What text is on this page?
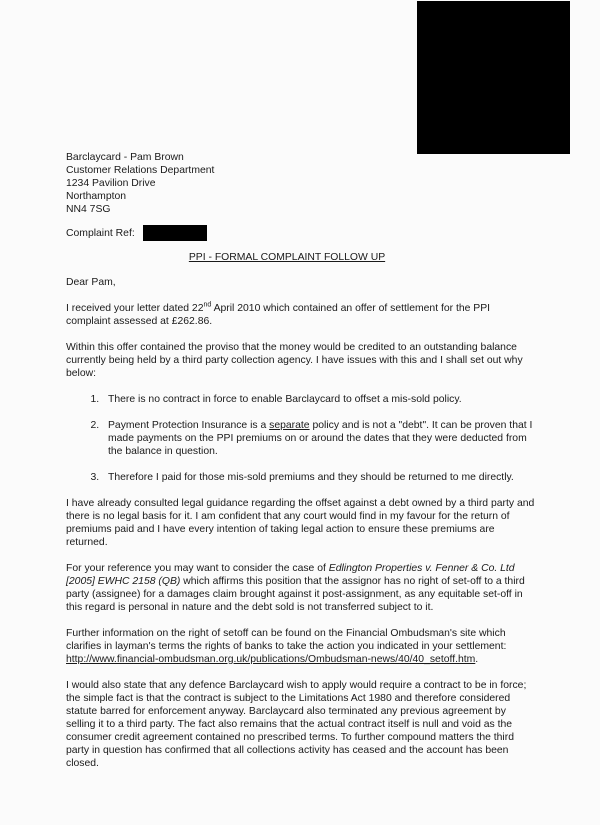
Barclaycard - Pam Brown
Customer Relations Department
1234 Pavilion Drive
Northampton
NN4 7SG
Complaint Ref:
PPI - FORMAL COMPLAINT FOLLOW UP

Dear Pam,

I received your letter dated 22nd April 2010 which contained an offer of settlement for the PPI complaint assessed at £262.86.

Within this offer contained the proviso that the money would be credited to an outstanding balance currently being held by a third party collection agency. I have issues with this and I shall set out why below:

1. There is no contract in force to enable Barclaycard to offset a mis-sold policy.
2. Payment Protection Insurance is a separate policy and is not a "debt". It can be proven that I made payments on the PPI premiums on or around the dates that they were deducted from the balance in question.
3. Therefore I paid for those mis-sold premiums and they should be returned to me directly.

I have already consulted legal guidance regarding the offset against a debt owned by a third party and there is no legal basis for it. I am confident that any court would find in my favour for the return of premiums paid and I have every intention of taking legal action to ensure these premiums are returned.

For your reference you may want to consider the case of Edlington Properties v. Fenner & Co. Ltd [2005] EWHC 2158 (QB) which affirms this position that the assignor has no right of set-off to a third party (assignee) for a damages claim brought against it post-assignment, as any equitable set-off in this regard is personal in nature and the debt sold is not transferred subject to it.

Further information on the right of setoff can be found on the Financial Ombudsman's site which clarifies in layman's terms the rights of banks to take the action you indicated in your settlement: http://www.financial-ombudsman.org.uk/publications/Ombudsman-news/40/40_setoff.htm.

I would also state that any defence Barclaycard wish to apply would require a contract to be in force; the simple fact is that the contract is subject to the Limitations Act 1980 and therefore considered statute barred for enforcement anyway. Barclaycard also terminated any previous agreement by selling it to a third party. The fact also remains that the actual contract itself is null and void as the consumer credit agreement contained no prescribed terms. To further compound matters the third party in question has confirmed that all collections activity has ceased and the account has been closed.
